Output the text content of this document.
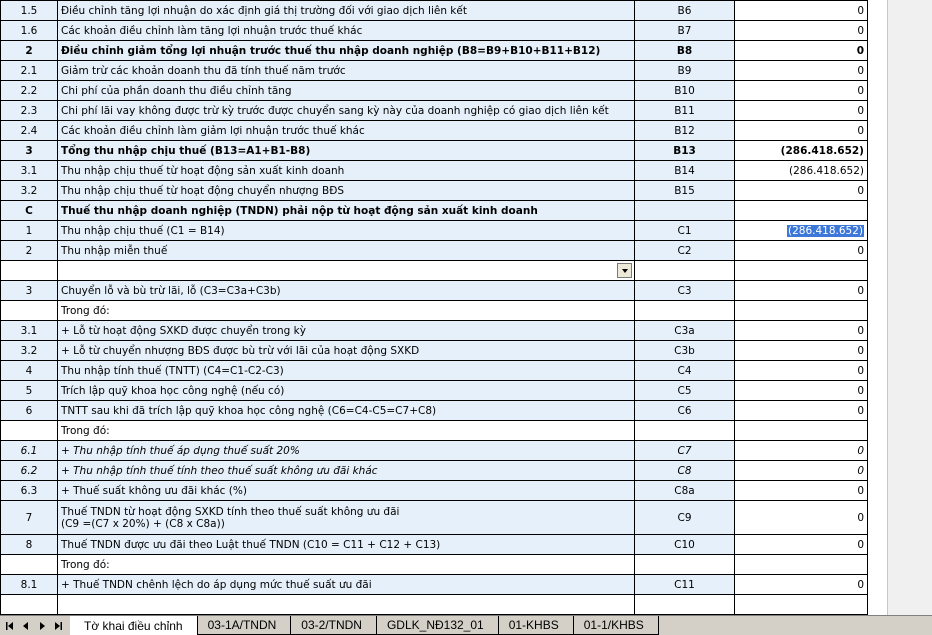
1.5	Điều chỉnh tăng lợi nhuận do xác định giá thị trường đối với giao dịch liên kết	B6	0
1.6	Các khoản điều chỉnh làm tăng lợi nhuận trước thuế khác	B7	0
2	Điều chỉnh giảm tổng lợi nhuận trước thuế thu nhập doanh nghiệp (B8=B9+B10+B11+B12)	B8	0
2.1	Giảm trừ các khoản doanh thu đã tính thuế năm trước	B9	0
2.2	Chi phí của phần doanh thu điều chỉnh tăng	B10	0
2.3	Chi phí lãi vay không được trừ kỳ trước được chuyển sang kỳ này của doanh nghiệp có giao dịch liên kết	B11	0
2.4	Các khoản điều chỉnh làm giảm lợi nhuận trước thuế khác	B12	0
3	Tổng thu nhập chịu thuế (B13=A1+B1-B8)	B13	(286.418.652)
3.1	Thu nhập chịu thuế từ hoạt động sản xuất kinh doanh	B14	(286.418.652)
3.2	Thu nhập chịu thuế từ hoạt động chuyển nhượng BĐS	B15	0
C	Thuế thu nhập doanh nghiệp (TNDN) phải nộp từ hoạt động sản xuất kinh doanh		
1	Thu nhập chịu thuế (C1 = B14)	C1	(286.418.652)
2	Thu nhập miễn thuế	C2	0

3	Chuyển lỗ và bù trừ lãi, lỗ (C3=C3a+C3b)	C3	0
	Trong đó:		
3.1	+ Lỗ từ hoạt động SXKD được chuyển trong kỳ	C3a	0
3.2	+ Lỗ từ chuyển nhượng BĐS được bù trừ với lãi của hoạt động SXKD	C3b	0
4	Thu nhập tính thuế (TNTT) (C4=C1-C2-C3)	C4	0
5	Trích lập quỹ khoa học công nghệ (nếu có)	C5	0
6	TNTT sau khi đã trích lập quỹ khoa học công nghệ (C6=C4-C5=C7+C8)	C6	0
	Trong đó:		
6.1	+ Thu nhập tính thuế áp dụng thuế suất 20%	C7	0
6.2	+ Thu nhập tính thuế tính theo thuế suất không ưu đãi khác	C8	0
6.3	+ Thuế suất không ưu đãi khác (%)	C8a	0
7	Thuế TNDN từ hoạt động SXKD tính theo thuế suất không ưu đãi
(C9 =(C7 x 20%) + (C8 x C8a))	C9	0
8	Thuế TNDN được ưu đãi theo Luật thuế TNDN (C10 = C11 + C12 + C13)	C10	0
	Trong đó:		
8.1	+ Thuế TNDN chênh lệch do áp dụng mức thuế suất ưu đãi	C11	0

Tờ khai điều chỉnh 03-1A/TNDN 03-2/TNDN GDLK_NĐ132_01 01-KHBS 01-1/KHBS
